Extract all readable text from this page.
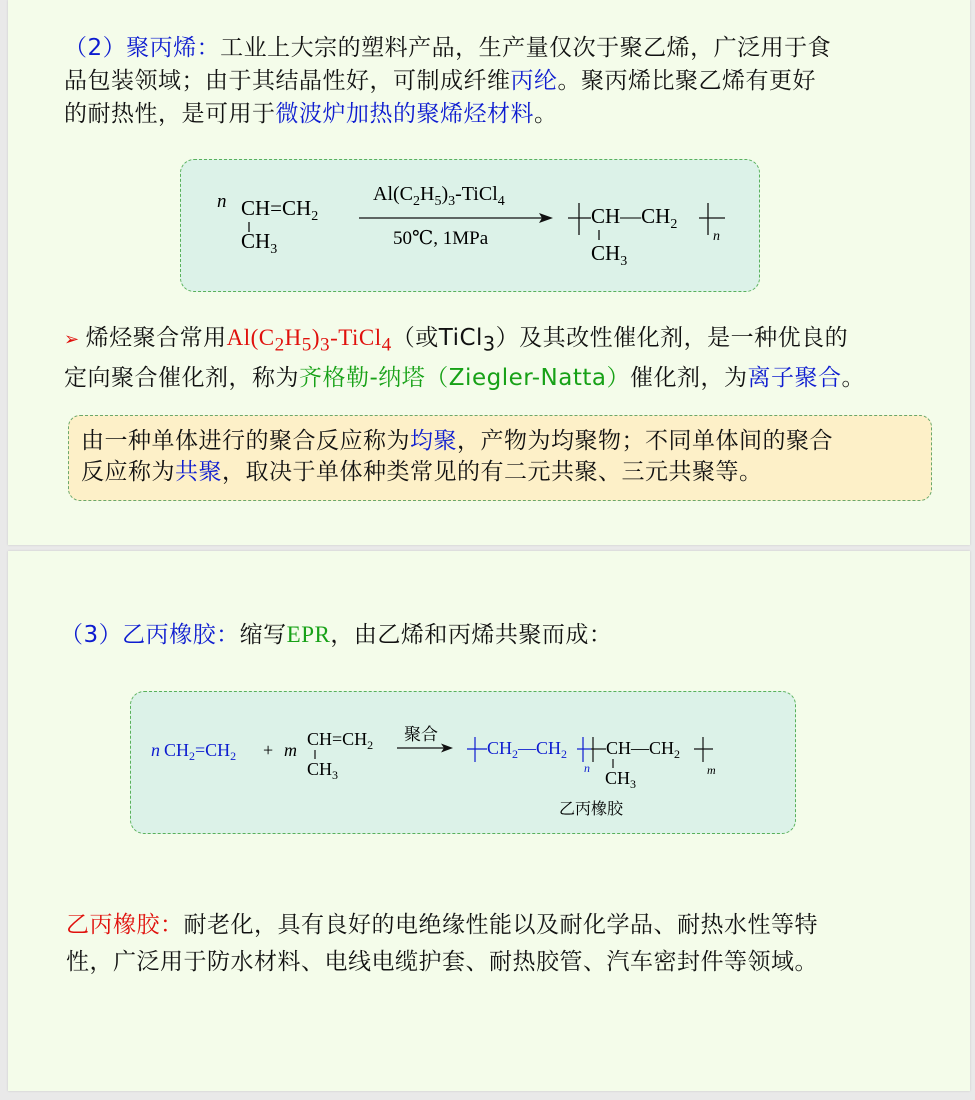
（2）聚丙烯：工业上大宗的塑料产品，生产量仅次于聚乙烯，广泛用于食
品包装领域；由于其结晶性好，可制成纤维丙纶。聚丙烯比聚乙烯有更好
的耐热性，是可用于微波炉加热的聚烯烃材料。
n $CH=CH_2$
$CH_3$
$Al(C_2H_5)_3-TiCl_4$
50℃, 1MPa
$CH—CH_2$
n
$CH_3$
➢ 烯烃聚合常用$Al(C_2H_5)_3-TiCl_4$（或TiCl$_3$）及其改性催化剂，是一种优良的
定向聚合催化剂，称为齐格勒-纳塔（Ziegler-Natta）催化剂，为离子聚合。
由一种单体进行的聚合反应称为均聚，产物为均聚物；不同单体间的聚合
反应称为共聚，取决于单体种类常见的有二元共聚、三元共聚等。
（3）乙丙橡胶：缩写EPR，由乙烯和丙烯共聚而成：
n $CH_2=CH_2 + m$
$CH=CH_2$
$CH_3$
聚合
$CH_2—CH_2$
n
$CH—CH_2$
m
$CH_3$
乙丙橡胶
乙丙橡胶：耐老化，具有良好的电绝缘性能以及耐化学品、耐热水性等特
性，广泛用于防水材料、电线电缆护套、耐热胶管、汽车密封件等领域。
